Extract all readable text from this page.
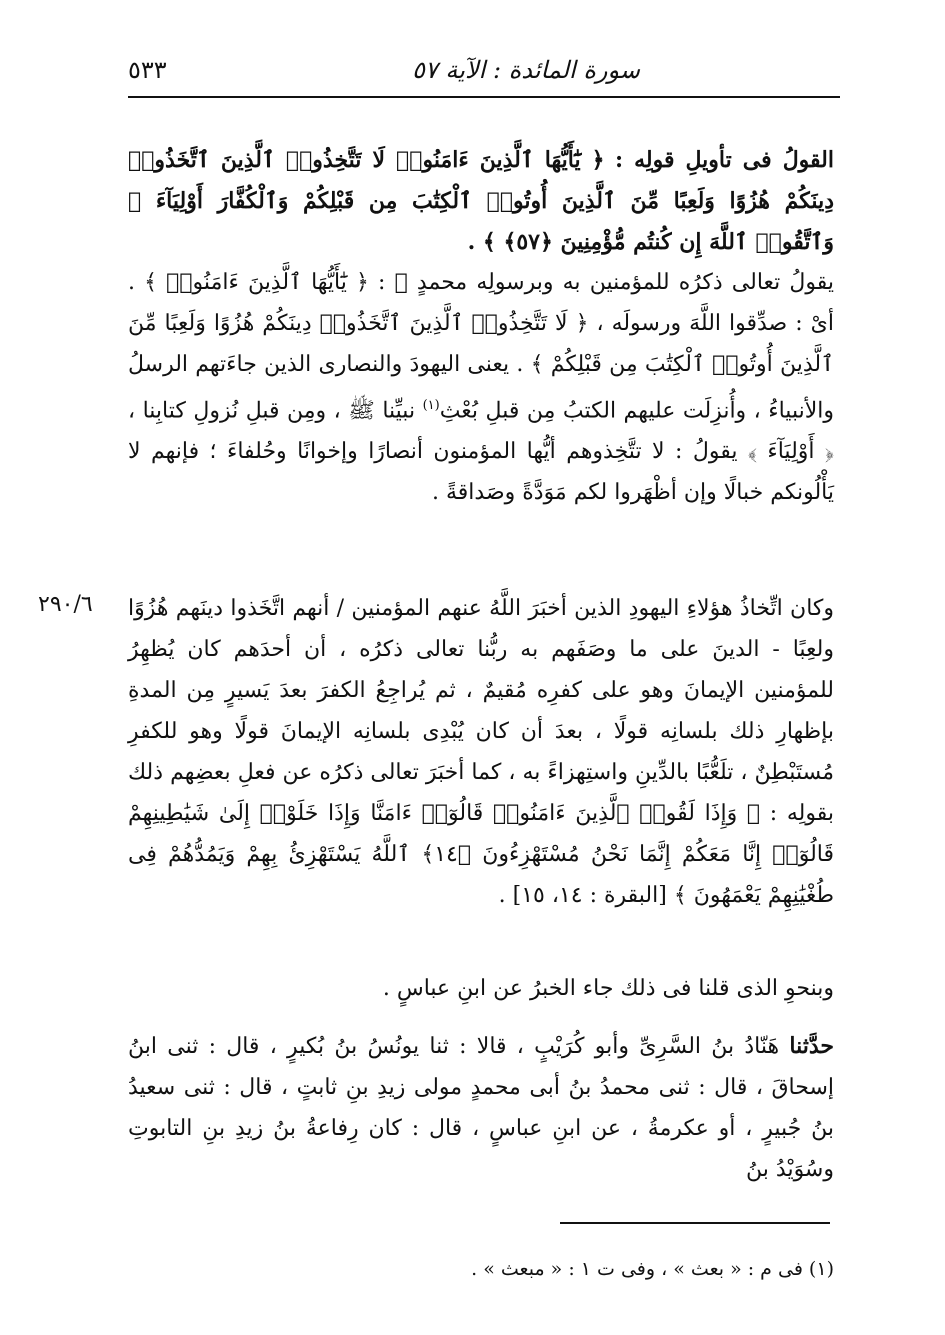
سورة المائدة : الآية ٥٧
٥٣٣

القولُ فى تأويلِ قولِه : ﴿ يَٰٓأَيُّهَا ٱلَّذِينَ ءَامَنُوا۟ لَا تَتَّخِذُوا۟ ٱلَّذِينَ ٱتَّخَذُوا۟ دِينَكُمْ هُزُوًا وَلَعِبًا مِّنَ ٱلَّذِينَ أُوتُوا۟ ٱلْكِتَٰبَ مِن قَبْلِكُمْ وَٱلْكُفَّارَ أَوْلِيَآءَ ۚ وَٱتَّقُوا۟ ٱللَّهَ إِن كُنتُم مُّؤْمِنِينَ ﴿٥٧﴾ ﴾ .

يقولُ تعالى ذكرُه للمؤمنين به وبرسولِه محمدٍ ﷺ : ﴿ يَٰٓأَيُّهَا ٱلَّذِينَ ءَامَنُوا۟ ﴾ . أىْ : صدِّقوا اللَّهَ ورسولَه ، ﴿ لَا تَتَّخِذُوا۟ ٱلَّذِينَ ٱتَّخَذُوا۟ دِينَكُمْ هُزُوًا وَلَعِبًا مِّنَ ٱلَّذِينَ أُوتُوا۟ ٱلْكِتَٰبَ مِن قَبْلِكُمْ ﴾ . يعنى اليهودَ والنصارى الذين جاءَتهم الرسلُ والأنبياءُ ، وأُنزِلَت عليهم الكتبُ مِن قبلِ بُعْثِ$^{(١)}$ نبيِّنا ﷺ ، ومِن قبلِ نُزولِ كتابِنا ، ﴿ أَوْلِيَآءَ ﴾ يقولُ : لا تتَّخِذوهم أيُّها المؤمنون أنصارًا وإخوانًا وحُلفاءَ ؛ فإنهم لا يَأْلُونكم خبالًا وإن أظْهَروا لكم مَوَدَّةً وصَداقةً .

٢٩٠/٦ وكان اتِّخاذُ هؤلاءِ اليهودِ الذين أخبَرَ اللَّهُ عنهم المؤمنين / أنهم اتَّخَذوا دينَهم هُزُوًا ولعِبًا - الدينَ على ما وصَفَهم به ربُّنا تعالى ذكرُه ، أن أحدَهم كان يُظهِرُ للمؤمنين الإيمانَ وهو على كفرِه مُقيمٌ ، ثم يُراجِعُ الكفرَ بعدَ يَسيرٍ مِن المدةِ بإظهارِ ذلك بلسانِه قولًا ، بعدَ أن كان يُبْدِى بلسانِه الإيمانَ قولًا وهو للكفرِ مُستَبْطِنٌ ، تلَعُّبًا بالدِّينِ واستِهزاءً به ، كما أخبَرَ تعالى ذكرُه عن فعلِ بعضِهم ذلك بقولِه : ﴿ وَإِذَا لَقُوا۟ ٱلَّذِينَ ءَامَنُوا۟ قَالُوٓا۟ ءَامَنَّا وَإِذَا خَلَوْا۟ إِلَىٰ شَيَٰطِينِهِمْ قَالُوٓا۟ إِنَّا مَعَكُمْ إِنَّمَا نَحْنُ مُسْتَهْزِءُونَ ﴿١٤﴾ ٱللَّهُ يَسْتَهْزِئُ بِهِمْ وَيَمُدُّهُمْ فِى طُغْيَٰنِهِمْ يَعْمَهُونَ ﴾ [البقرة : ١٤، ١٥] .

وبنحوِ الذى قلنا فى ذلك جاء الخبرُ عن ابنِ عباسٍ .

حدَّثنا هَنّادُ بنُ السَّرِىِّ وأبو كُرَيْبٍ ، قالا : ثنا يونُسُ بنُ بُكيرٍ ، قال : ثنى ابنُ إسحاقَ ، قال : ثنى محمدُ بنُ أبى محمدٍ مولى زيدِ بنِ ثابتٍ ، قال : ثنى سعيدُ بنُ جُبيرٍ ، أو عكرمةُ ، عن ابنِ عباسٍ ، قال : كان رِفاعةُ بنُ زيدِ بنِ التابوتِ وسُوَيْدُ بنُ

(١) فى م : « بعث » ، وفى ت ١ : « مبعث » .
